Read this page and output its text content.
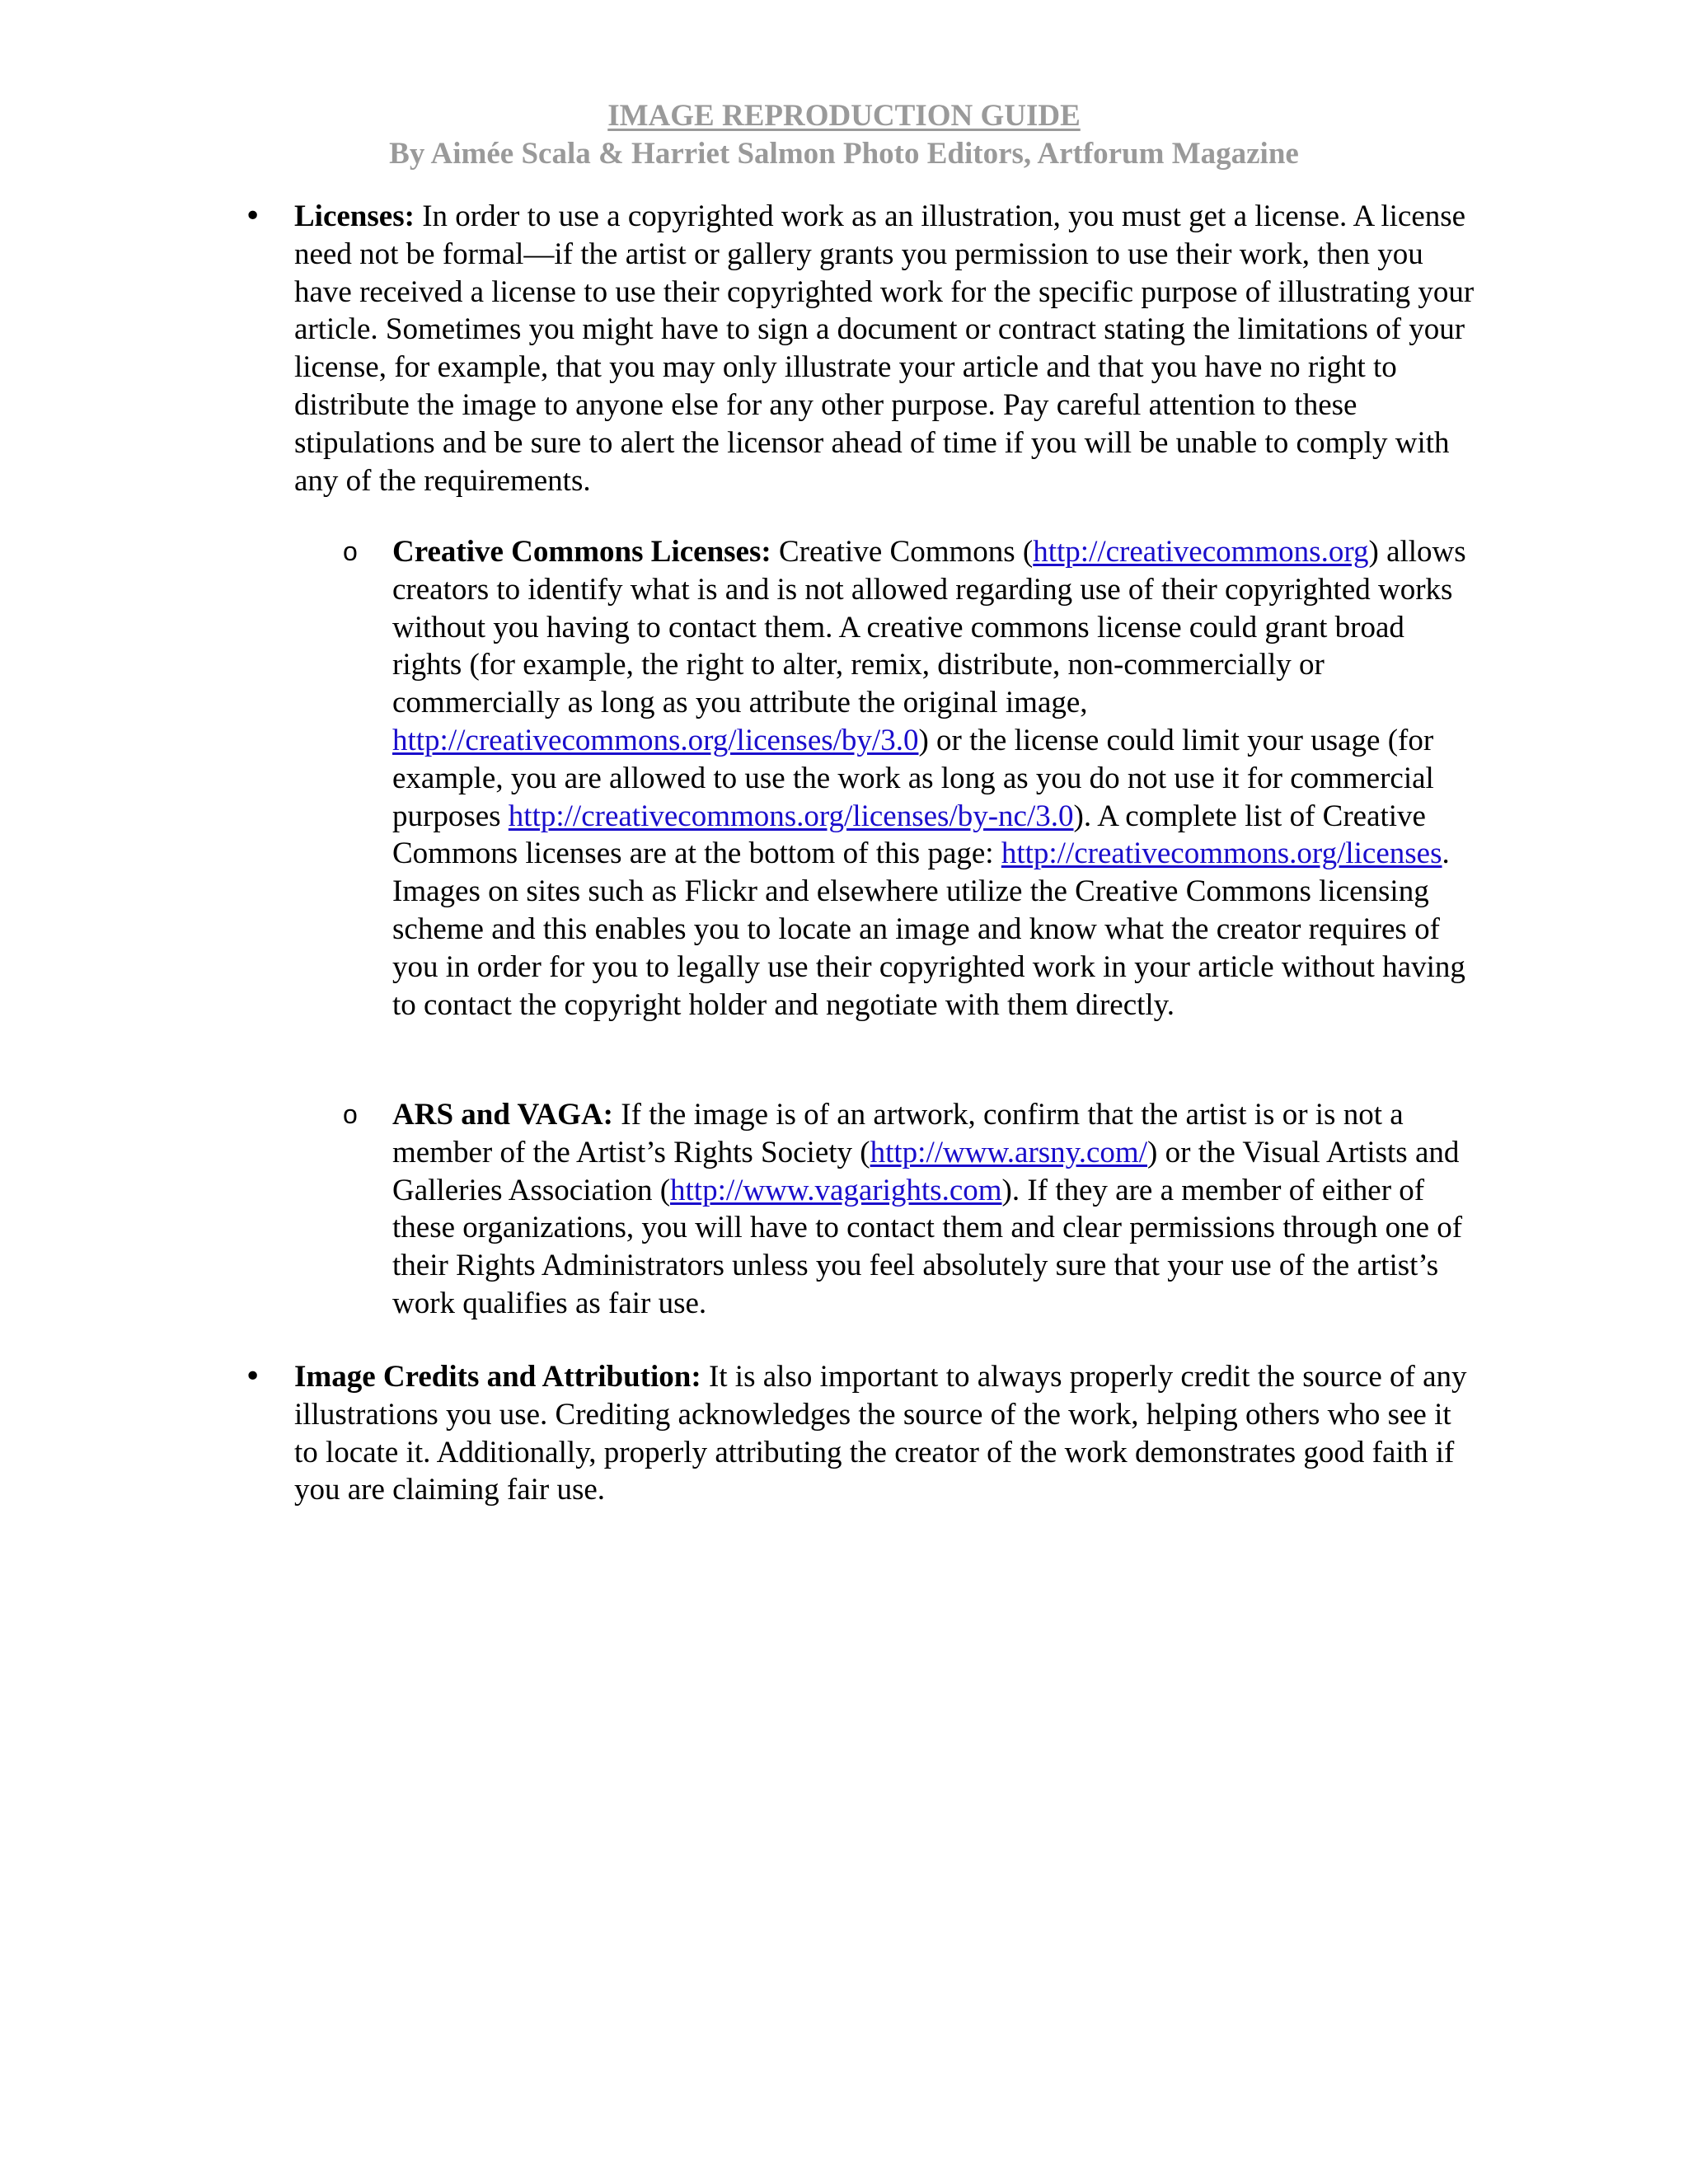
IMAGE REPRODUCTION GUIDE
By Aimée Scala & Harriet Salmon Photo Editors, Artforum Magazine
• Licenses: In order to use a copyrighted work as an illustration, you must get a license. A license need not be formal—if the artist or gallery grants you permission to use their work, then you have received a license to use their copyrighted work for the specific purpose of illustrating your article. Sometimes you might have to sign a document or contract stating the limitations of your license, for example, that you may only illustrate your article and that you have no right to distribute the image to anyone else for any other purpose. Pay careful attention to these stipulations and be sure to alert the licensor ahead of time if you will be unable to comply with any of the requirements.
o Creative Commons Licenses: Creative Commons (http://creativecommons.org) allows creators to identify what is and is not allowed regarding use of their copyrighted works without you having to contact them. A creative commons license could grant broad rights (for example, the right to alter, remix, distribute, non-commercially or commercially as long as you attribute the original image, http://creativecommons.org/licenses/by/3.0) or the license could limit your usage (for example, you are allowed to use the work as long as you do not use it for commercial purposes http://creativecommons.org/licenses/by-nc/3.0). A complete list of Creative Commons licenses are at the bottom of this page: http://creativecommons.org/licenses. Images on sites such as Flickr and elsewhere utilize the Creative Commons licensing scheme and this enables you to locate an image and know what the creator requires of you in order for you to legally use their copyrighted work in your article without having to contact the copyright holder and negotiate with them directly.
o ARS and VAGA: If the image is of an artwork, confirm that the artist is or is not a member of the Artist’s Rights Society (http://www.arsny.com/) or the Visual Artists and Galleries Association (http://www.vagarights.com). If they are a member of either of these organizations, you will have to contact them and clear permissions through one of their Rights Administrators unless you feel absolutely sure that your use of the artist’s work qualifies as fair use.
• Image Credits and Attribution: It is also important to always properly credit the source of any illustrations you use. Crediting acknowledges the source of the work, helping others who see it to locate it. Additionally, properly attributing the creator of the work demonstrates good faith if you are claiming fair use.
